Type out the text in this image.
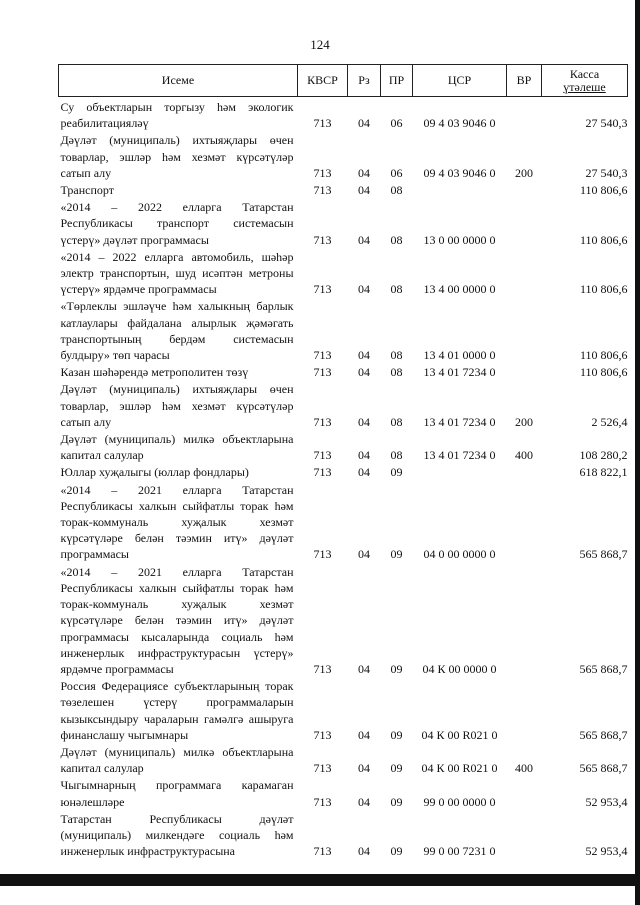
124
Исеме	КВСР	Рз	ПР	ЦСР	ВР	Касса
үтәлеше

Су объектларын торгызу һәм экологик реабилитацияләү	713	04	06	09 4 03 9046 0		27 540,3
Дәүләт (муниципаль) ихтыяҗлары өчен товарлар, эшләр һәм хезмәт күрсәтүләр сатып алу	713	04	06	09 4 03 9046 0	200	27 540,3
Транспорт	713	04	08			110 806,6
«2014 – 2022 елларга Татарстан Республикасы транспорт системасын үстерү» дәүләт программасы	713	04	08	13 0 00 0000 0		110 806,6
«2014 – 2022 елларга автомобиль, шәһәр электр транспортын, шуд исәптән метроны үстерү» ярдәмче программасы	713	04	08	13 4 00 0000 0		110 806,6
«Төрлеклы эшләүче һәм халыкның барлык катлаулары файдалана алырлык җәмәгать транспортының бердәм системасын булдыру» төп чарасы	713	04	08	13 4 01 0000 0		110 806,6
Казан шәһәрендә метрополитен төзү	713	04	08	13 4 01 7234 0		110 806,6
Дәүләт (муниципаль) ихтыяҗлары өчен товарлар, эшләр һәм хезмәт күрсәтүләр сатып алу	713	04	08	13 4 01 7234 0	200	2 526,4
Дәүләт (муниципаль) милкә объектларына капитал салулар	713	04	08	13 4 01 7234 0	400	108 280,2
Юллар хуҗалыгы (юллар фондлары)	713	04	09			618 822,1
«2014 – 2021 елларга Татарстан Республикасы халкын сыйфатлы торак һәм торак-коммуналь хуҗалык хезмәт күрсәтүләре белән тәэмин итү» дәүләт программасы	713	04	09	04 0 00 0000 0		565 868,7
«2014 – 2021 елларга Татарстан Республикасы халкын сыйфатлы торак һәм торак-коммуналь хуҗалык хезмәт күрсәтүләре белән тәэмин итү» дәүләт программасы кысаларында социаль һәм инженерлык инфраструктурасын үстерү» ярдәмче программасы	713	04	09	04 К 00 0000 0		565 868,7
Россия Федерациясе субъектларының торак төзелешен үстерү программаларын кызыксындыру чараларын гамәлгә ашыруга финанслашу чыгымнары	713	04	09	04 К 00 R021 0		565 868,7
Дәүләт (муниципаль) милкә объектларына капитал салулар	713	04	09	04 К 00 R021 0	400	565 868,7
Чыгымнарның программага карамаган юнәлешләре	713	04	09	99 0 00 0000 0		52 953,4
Татарстан Республикасы дәүләт (муниципаль) милкендәге социаль һәм инженерлык инфраструктурасына	713	04	09	99 0 00 7231 0		52 953,4
